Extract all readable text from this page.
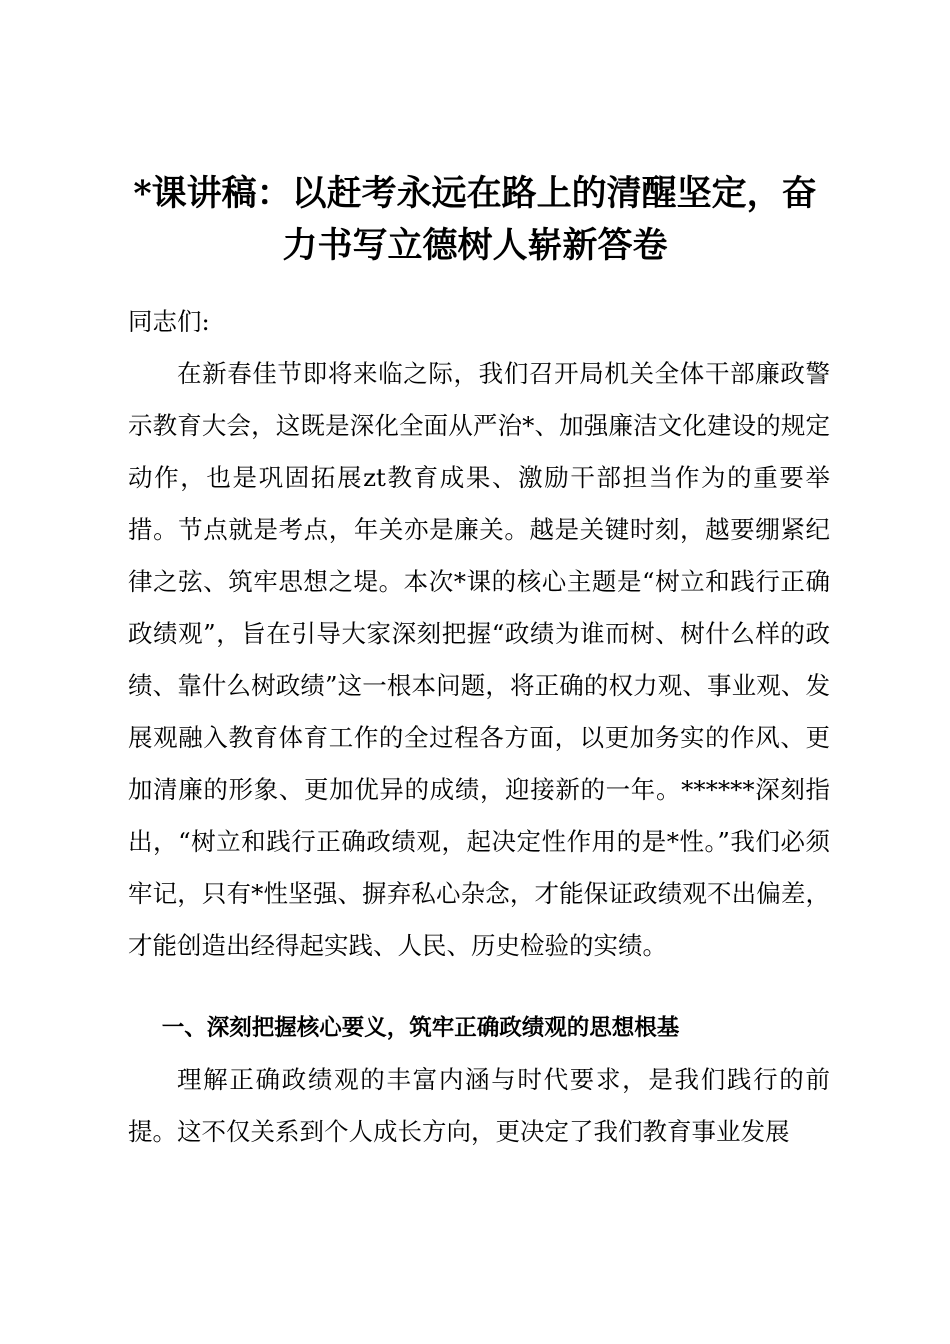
*课讲稿：以赶考永远在路上的清醒坚定，奋力书写立德树人崭新答卷

同志们:

在新春佳节即将来临之际，我们召开局机关全体干部廉政警示教育大会，这既是深化全面从严治*、加强廉洁文化建设的规定动作，也是巩固拓展zt教育成果、激励干部担当作为的重要举措。节点就是考点，年关亦是廉关。越是关键时刻，越要绷紧纪律之弦、筑牢思想之堤。本次*课的核心主题是“树立和践行正确政绩观”，旨在引导大家深刻把握“政绩为谁而树、树什么样的政绩、靠什么树政绩”这一根本问题，将正确的权力观、事业观、发展观融入教育体育工作的全过程各方面，以更加务实的作风、更加清廉的形象、更加优异的成绩，迎接新的一年。******深刻指出，“树立和践行正确政绩观，起决定性作用的是*性。”我们必须牢记，只有*性坚强、摒弃私心杂念，才能保证政绩观不出偏差，才能创造出经得起实践、人民、历史检验的实绩。

一、深刻把握核心要义，筑牢正确政绩观的思想根基

理解正确政绩观的丰富内涵与时代要求，是我们践行的前提。这不仅关系到个人成长方向，更决定了我们教育事业发展
